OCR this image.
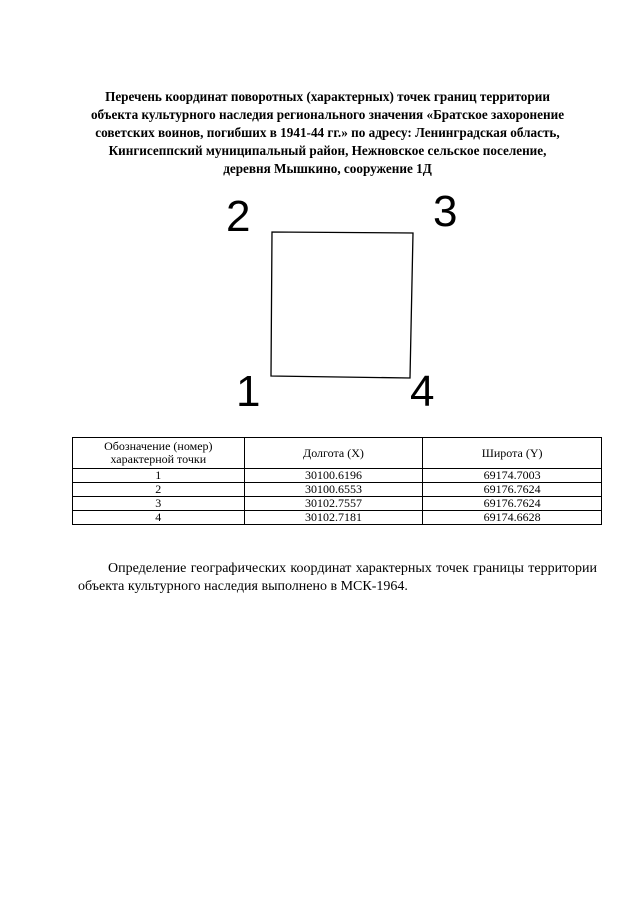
Перечень координат поворотных (характерных) точек границ территории
объекта культурного наследия регионального значения «Братское захоронение
советских воинов, погибших в 1941-44 гг.» по адресу: Ленинградская область,
Кингисеппский муниципальный район, Нежновское сельское поселение,
деревня Мышкино, сооружение 1Д
1
2	3
4
Обозначение (номер) характерной точки	Долгота (X)	Широта (Y)
1	30100.6196	69174.7003
2	30100.6553	69176.7624
3	30102.7557	69176.7624
4	30102.7181	69174.6628

Определение географических координат характерных точек границы территории объекта культурного наследия выполнено в МСК-1964.
